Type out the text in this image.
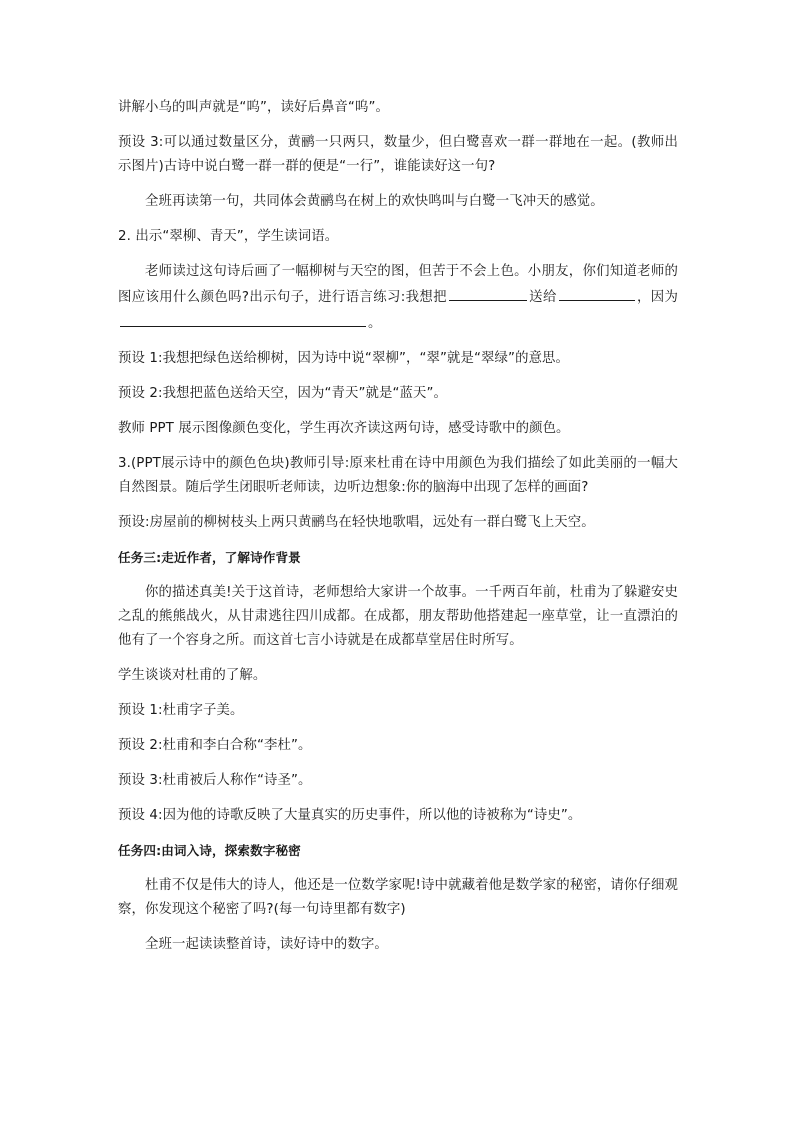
讲解小乌的叫声就是“呜”，读好后鼻音“呜”。

预设 3:可以通过数量区分，黄鹂一只两只，数量少，但白鹭喜欢一群一群地在一起。(教师出示图片)古诗中说白鹭一群一群的便是“一行”，谁能读好这一句?

全班再读第一句，共同体会黄鹂鸟在树上的欢快鸣叫与白鹭一飞冲天的感觉。

2. 出示“翠柳、青天”，学生读词语。

老师读过这句诗后画了一幅柳树与天空的图，但苦于不会上色。小朋友，你们知道老师的图应该用什么颜色吗?出示句子，进行语言练习:我想把	送给	，因为。

预设 1:我想把绿色送给柳树，因为诗中说“翠柳”，“翠”就是“翠绿”的意思。

预设 2:我想把蓝色送给天空，因为“青天”就是“蓝天”。

教师 PPT 展示图像颜色变化，学生再次齐读这两句诗，感受诗歌中的颜色。

3.(PPT展示诗中的颜色色块)教师引导:原来杜甫在诗中用颜色为我们描绘了如此美丽的一幅大自然图景。随后学生闭眼听老师读，边听边想象:你的脑海中出现了怎样的画面?

预设:房屋前的柳树枝头上两只黄鹂鸟在轻快地歌唱，远处有一群白鹭飞上天空。

任务三:走近作者，了解诗作背景

你的描述真美!关于这首诗，老师想给大家讲一个故事。一千两百年前，杜甫为了躲避安史之乱的熊熊战火，从甘肃逃往四川成都。在成都，朋友帮助他搭建起一座草堂，让一直漂泊的他有了一个容身之所。而这首七言小诗就是在成都草堂居住时所写。

学生谈谈对杜甫的了解。

预设 1:杜甫字子美。

预设 2:杜甫和李白合称“李杜”。

预设 3:杜甫被后人称作“诗圣”。

预设 4:因为他的诗歌反映了大量真实的历史事件，所以他的诗被称为“诗史”。

任务四:由词入诗，探索数字秘密

杜甫不仅是伟大的诗人，他还是一位数学家呢!诗中就藏着他是数学家的秘密，请你仔细观察，你发现这个秘密了吗?(每一句诗里都有数字)

全班一起读读整首诗，读好诗中的数字。
